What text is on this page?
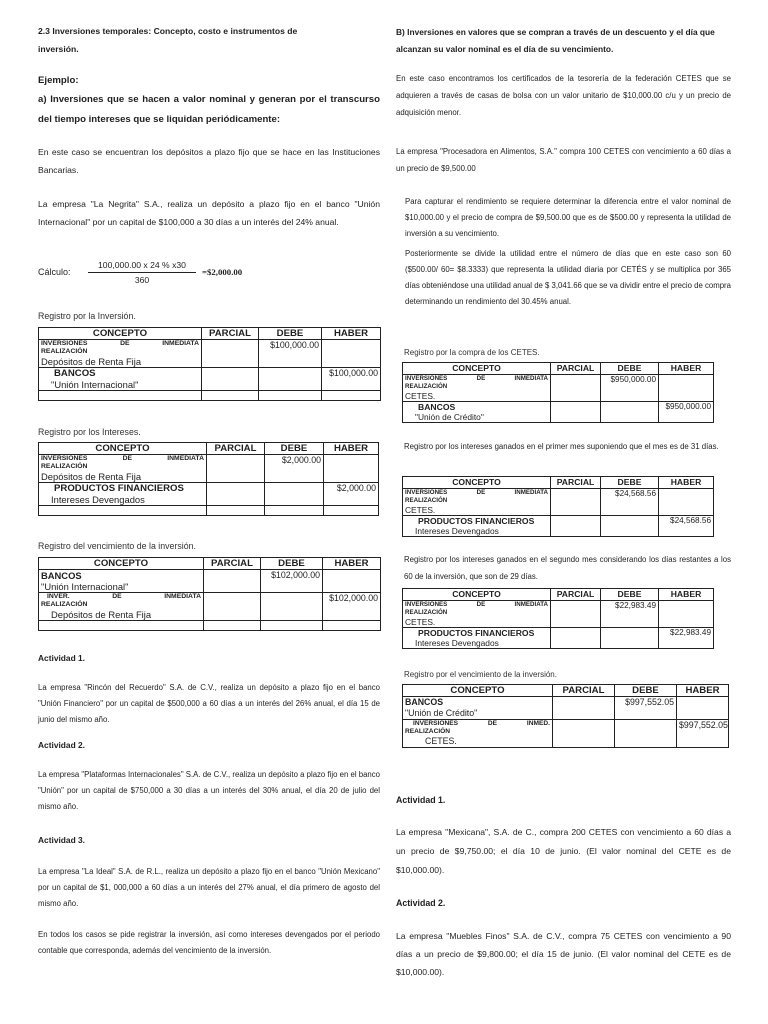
2.3 Inversiones temporales: Concepto, costo e instrumentos de

inversión.

Ejemplo:

a) Inversiones que se hacen a valor nominal y generan por el transcurso del tiempo intereses que se liquidan periódicamente:

En este caso se encuentran los depósitos a plazo fijo que se hace en las Instituciones Bancarias.

La empresa "La Negrita" S.A., realiza un depósito a plazo fijo en el banco "Unión Internacional" por un capital de $100,000 a 30 días a un interés del 24% anual.

Cálculo: $\frac{100,000.00 x 24 \% x30}{360}$ =$2,000.00

Registro por la Inversión.

CONCEPTO	PARCIAL	DEBE	HABER

INVERSIONES DE INMEDIATA
REALIZACIÓN
Depósitos de Renta Fija		$100,000.00	

BANCOS
"Unión Internacional"			$100,000.00

Registro por los Intereses.

CONCEPTO	PARCIAL	DEBE	HABER

INVERSIONES DE INMEDIATA
REALIZACIÓN
Depósitos de Renta Fija		$2,000.00	

PRODUCTOS FINANCIEROS
Intereses Devengados			$2,000.00

Registro del vencimiento de la inversión.

CONCEPTO	PARCIAL	DEBE	HABER

BANCOS
"Unión Internacional"		$102,000.00	

INVER. DE INMEDIATA
REALIZACIÓN
Depósitos de Renta Fija			$102,000.00

Actividad 1.

La empresa "Rincón del Recuerdo" S.A. de C.V., realiza un depósito a plazo fijo en el banco "Unión Financiero" por un capital de $500,000 a 60 días a un interés del 26% anual, el día 15 de junio del mismo año.

Actividad 2.

La empresa "Plataformas Internacionales" S.A. de C.V., realiza un depósito a plazo fijo en el banco "Unión" por un capital de $750,000 a 30 días a un interés del 30% anual, el día 20 de julio del mismo año.

Actividad 3.

La empresa "La Ideal" S.A. de R.L., realiza un depósito a plazo fijo en el banco "Unión Mexicano" por un capital de $1, 000,000 a 60 días a un interés del 27% anual, el día primero de agosto del mismo año.

En todos los casos se pide registrar la inversión, así como intereses devengados por el periodo contable que corresponda, además del vencimiento de la inversión.

B) Inversiones en valores que se compran a través de un descuento y el día que alcanzan su valor nominal es el día de su vencimiento.

En este caso encontramos los certificados de la tesorería de la federación CETES que se adquieren a través de casas de bolsa con un valor unitario de $10,000.00 c/u y un precio de adquisición menor.

La empresa "Procesadora en Alimentos, S.A." compra 100 CETES con vencimiento a 60 días a un precio de $9,500.00

Para capturar el rendimiento se requiere determinar la diferencia entre el valor nominal de $10,000.00 y el precio de compra de $9,500.00 que es de $500.00 y representa la utilidad de inversión a su vencimiento.

Posteriormente se divide la utilidad entre el número de días que en este caso son 60 ($500.00/ 60= $8.3333) que representa la utilidad diaria por CETÉS y se multiplica por 365 días obteniéndose una utilidad anual de $ 3,041.66 que se va dividir entre el precio de compra determinando un rendimiento del 30.45% anual.

Registro por la compra de los CETES.

CONCEPTO	PARCIAL	DEBE	HABER

INVERSIONES DE INMEDIATA
REALIZACIÓN
CETES.		$950,000.00	

BANCOS
"Unión de Crédito"			$950,000.00

Registro por los intereses ganados en el primer mes suponiendo que el mes es de 31 días.

CONCEPTO	PARCIAL	DEBE	HABER

INVERSIONES DE INMEDIATA
REALIZACIÓN
CETES.		$24,568.56	

PRODUCTOS FINANCIEROS
Intereses Devengados			$24,568.56

Registro por los intereses ganados en el segundo mes considerando los días restantes a los 60 de la inversión, que son de 29 días.

CONCEPTO	PARCIAL	DEBE	HABER

INVERSIONES DE INMEDIATA
REALIZACIÓN
CETES.		$22,983.49	

PRODUCTOS FINANCIEROS
Intereses Devengados			$22,983.49

Registro por el vencimiento de la inversión.

CONCEPTO	PARCIAL	DEBE	HABER

BANCOS
"Unión de Crédito"		$997,552.05	

INVERSIONES DE INMED.
REALIZACIÓN
CETES.			$997,552.05

Actividad 1.

La empresa "Mexicana", S.A. de C., compra 200 CETES con vencimiento a 60 días a un precio de $9,750.00; el día 10 de junio. (El valor nominal del CETE es de $10,000.00).

Actividad 2.

La empresa "Muebles Finos" S.A. de C.V., compra 75 CETES con vencimiento a 90 días a un precio de $9,800.00; el día 15 de junio. (El valor nominal del CETE es de $10,000.00).
